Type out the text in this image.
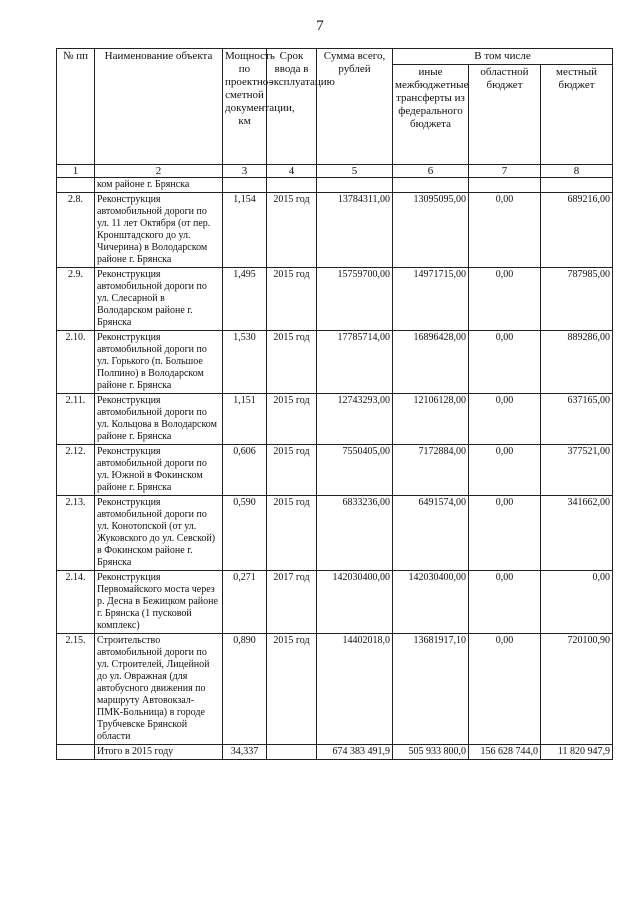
7
№ пп	Наименование объекта	Мощность по проектно-сметной документации, км	Срок ввода в эксплуатацию	Сумма всего, рублей	В том числе		
					иные межбюджетные трансферты из федерального бюджета	областной бюджет	местный бюджет
1	2	3	4	5	6	7	8
	ком районе г. Брянска						
2.8.	Реконструкция автомобильной дороги по ул. 11 лет Октября (от пер. Кронштадского до ул. Чичерина) в Володарском районе г. Брянска	1,154	2015 год	13784311,00	13095095,00	0,00	689216,00
2.9.	Реконструкция автомобильной дороги по ул. Слесарной в Володарском районе г. Брянска	1,495	2015 год	15759700,00	14971715,00	0,00	787985,00
2.10.	Реконструкция автомобильной дороги по ул. Горького (п. Большое Полпино) в Володарском районе г. Брянска	1,530	2015 год	17785714,00	16896428,00	0,00	889286,00
2.11.	Реконструкция автомобильной дороги по ул. Кольцова в Володарском районе г. Брянска	1,151	2015 год	12743293,00	12106128,00	0,00	637165,00
2.12.	Реконструкция автомобильной дороги по ул. Южной в Фокинском районе г. Брянска	0,606	2015 год	7550405,00	7172884,00	0,00	377521,00
2.13.	Реконструкция автомобильной дороги по ул. Конотопской (от ул. Жуковского до ул. Севской) в Фокинском районе г. Брянска	0,590	2015 год	6833236,00	6491574,00	0,00	341662,00
2.14.	Реконструкция Первомайского моста через р. Десна в Бежицком районе г. Брянска (1 пусковой комплекс)	0,271	2017 год	142030400,00	142030400,00	0,00	0,00
2.15.	Строительство автомобильной дороги по ул. Строителей, Лицейной до ул. Овражная (для автобусного движения по маршруту Автовокзал-ПМК-Больница) в городе Трубчевске Брянской области	0,890	2015 год	14402018,0	13681917,10	0,00	720100,90
	Итого в 2015 году	34,337		674 383 491,9	505 933 800,0	156 628 744,0	11 820 947,9
